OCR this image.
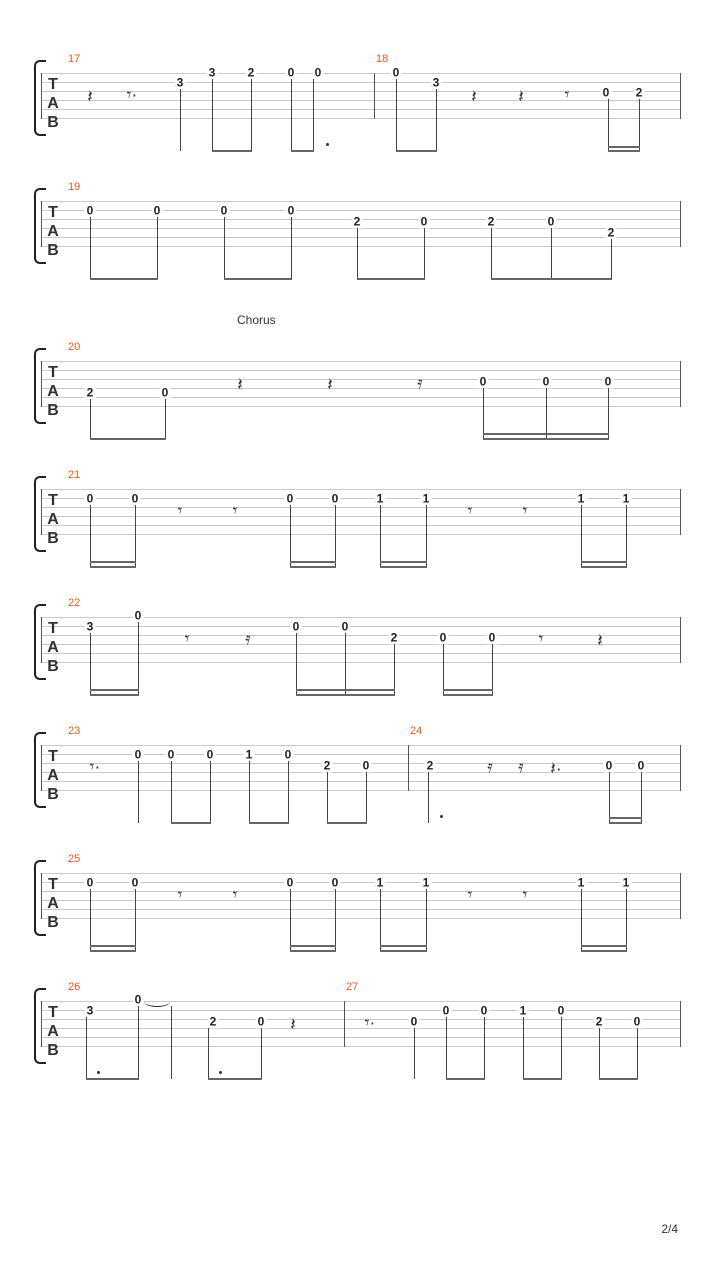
T
A
B
17	18
𝄽 𝄾·
3
3	2	0 0	0
3
𝄽 𝄽 𝄾	0 2
T
A
B
19
0	0	0	0
2	0	2	0
2
Chorus
T
A
B
20
2	0	𝄽	𝄽	𝄿	0	0	0
T
A
B
21
0	0
𝄾	𝄾
0	0	1	1
𝄾	𝄾
1	1
T
A
B
22
3
0
𝄾	𝄿
0	0
2	0	0 𝄾	𝄽
T
A
B
23	24
𝄾·
0 0	0	1	0
2	0	2	𝄿 𝄿 𝄽·	0 0
T
A
B
25
0	0
𝄾	𝄾
0	0	1	1
𝄾	𝄾
1	1
T
A
B
26	27
3
0
2	0 𝄽	𝄾·	0
0	0	1	0
2	0
2/4
